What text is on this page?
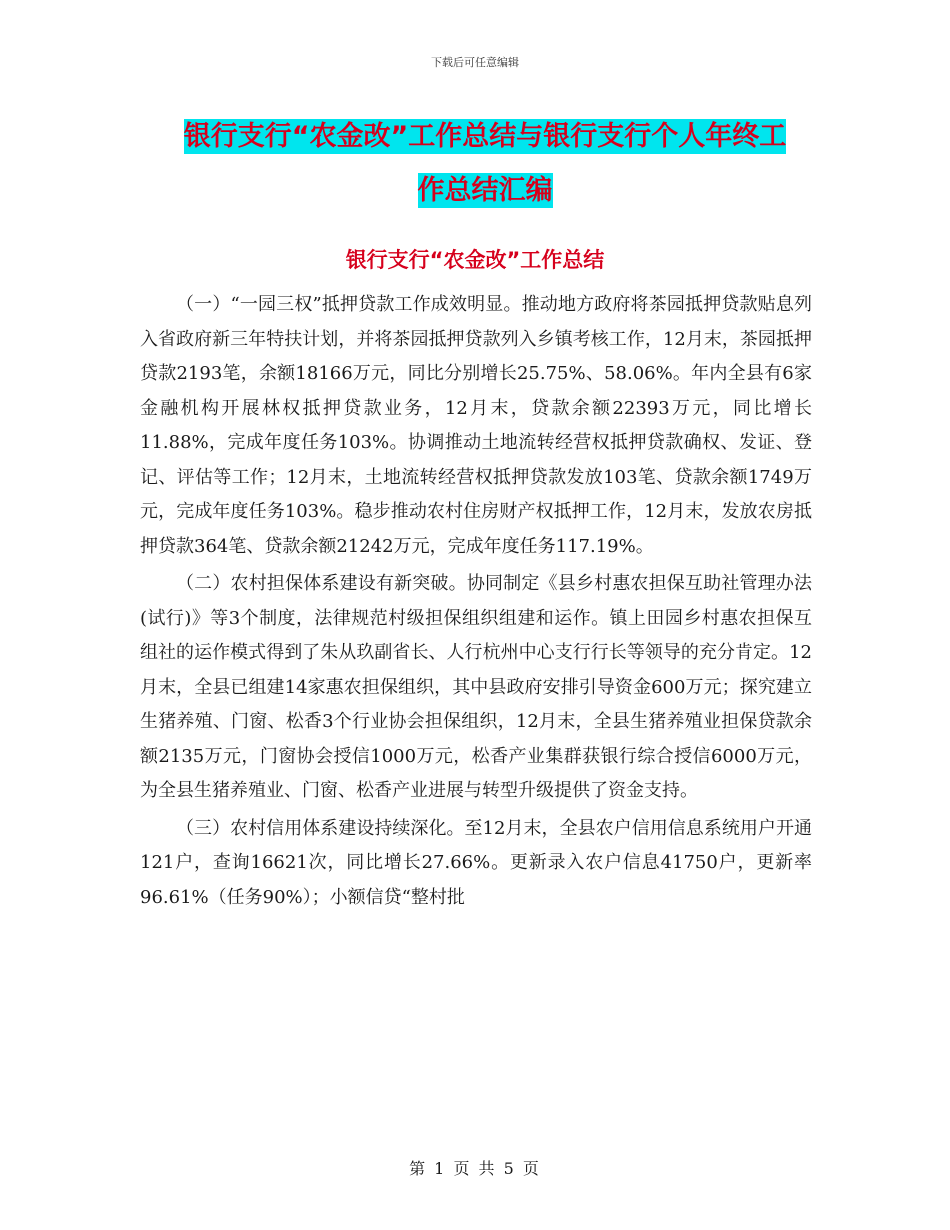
下载后可任意编辑
银行支行“农金改”工作总结与银行支行个人年终工
作总结汇编
银行支行“农金改”工作总结

（一）“一园三权”抵押贷款工作成效明显。推动地方政府将茶园抵押贷款贴息列入省政府新三年特扶计划，并将茶园抵押贷款列入乡镇考核工作，12月末，茶园抵押贷款2193笔，余额18166万元，同比分别增长25.75%、58.06%。年内全县有6家金融机构开展林权抵押贷款业务，12月末，贷款余额22393万元，同比增长11.88%，完成年度任务103%。协调推动土地流转经营权抵押贷款确权、发证、登记、评估等工作；12月末，土地流转经营权抵押贷款发放103笔、贷款余额1749万元，完成年度任务103%。稳步推动农村住房财产权抵押工作，12月末，发放农房抵押贷款364笔、贷款余额21242万元，完成年度任务117.19%。

（二）农村担保体系建设有新突破。协同制定《县乡村惠农担保互助社管理办法(试行)》等3个制度，法律规范村级担保组织组建和运作。镇上田园乡村惠农担保互组社的运作模式得到了朱从玖副省长、人行杭州中心支行行长等领导的充分肯定。12月末，全县已组建14家惠农担保组织，其中县政府安排引导资金600万元；探究建立生猪养殖、门窗、松香3个行业协会担保组织，12月末，全县生猪养殖业担保贷款余额2135万元，门窗协会授信1000万元，松香产业集群获银行综合授信6000万元，为全县生猪养殖业、门窗、松香产业进展与转型升级提供了资金支持。

（三）农村信用体系建设持续深化。至12月末，全县农户信用信息系统用户开通121户，查询16621次，同比增长27.66%。更新录入农户信息41750户，更新率96.61%（任务90%）；小额信贷“整村批

第 1 页 共 5 页
